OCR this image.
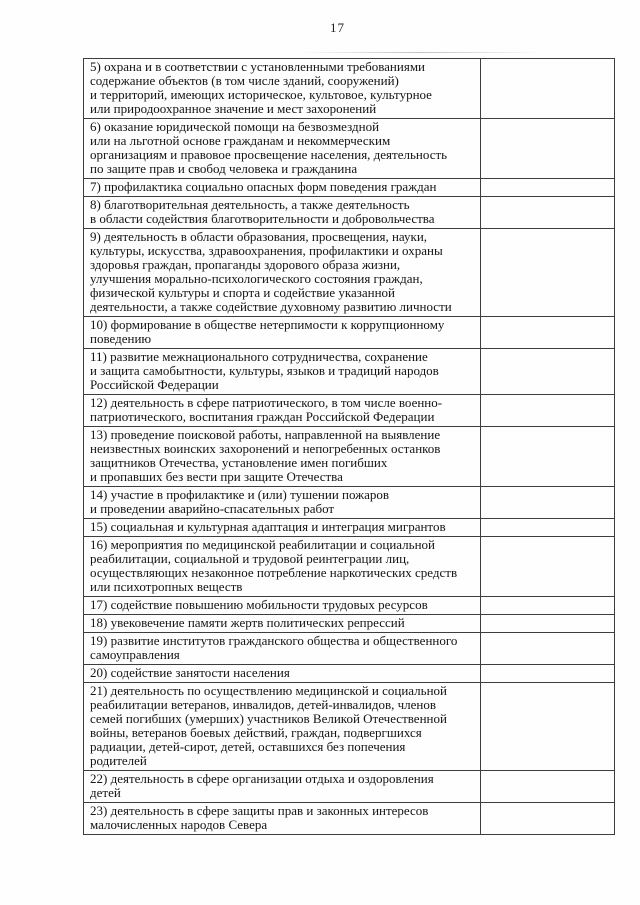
17
5) охрана и в соответствии с установленными требованиями
содержание объектов (в том числе зданий, сооружений)
и территорий, имеющих историческое, культовое, культурное
или природоохранное значение и мест захоронений	
6) оказание юридической помощи на безвозмездной
или на льготной основе гражданам и некоммерческим
организациям и правовое просвещение населения, деятельность
по защите прав и свобод человека и гражданина	
7) профилактика социально опасных форм поведения граждан	
8) благотворительная деятельность, а также деятельность
в области содействия благотворительности и добровольчества	
9) деятельность в области образования, просвещения, науки,
культуры, искусства, здравоохранения, профилактики и охраны
здоровья граждан, пропаганды здорового образа жизни,
улучшения морально-психологического состояния граждан,
физической культуры и спорта и содействие указанной
деятельности, а также содействие духовному развитию личности	
10) формирование в обществе нетерпимости к коррупционному
поведению	
11) развитие межнационального сотрудничества, сохранение
и защита самобытности, культуры, языков и традиций народов
Российской Федерации	
12) деятельность в сфере патриотического, в том числе военно-
патриотического, воспитания граждан Российской Федерации	
13) проведение поисковой работы, направленной на выявление
неизвестных воинских захоронений и непогребенных останков
защитников Отечества, установление имен погибших
и пропавших без вести при защите Отечества	
14) участие в профилактике и (или) тушении пожаров
и проведении аварийно-спасательных работ	
15) социальная и культурная адаптация и интеграция мигрантов	
16) мероприятия по медицинской реабилитации и социальной
реабилитации, социальной и трудовой реинтеграции лиц,
осуществляющих незаконное потребление наркотических средств
или психотропных веществ	
17) содействие повышению мобильности трудовых ресурсов	
18) увековечение памяти жертв политических репрессий	
19) развитие институтов гражданского общества и общественного
самоуправления	
20) содействие занятости населения	
21) деятельность по осуществлению медицинской и социальной
реабилитации ветеранов, инвалидов, детей-инвалидов, членов
семей погибших (умерших) участников Великой Отечественной
войны, ветеранов боевых действий, граждан, подвергшихся
радиации, детей-сирот, детей, оставшихся без попечения
родителей	
22) деятельность в сфере организации отдыха и оздоровления
детей	
23) деятельность в сфере защиты прав и законных интересов
малочисленных народов Севера	
